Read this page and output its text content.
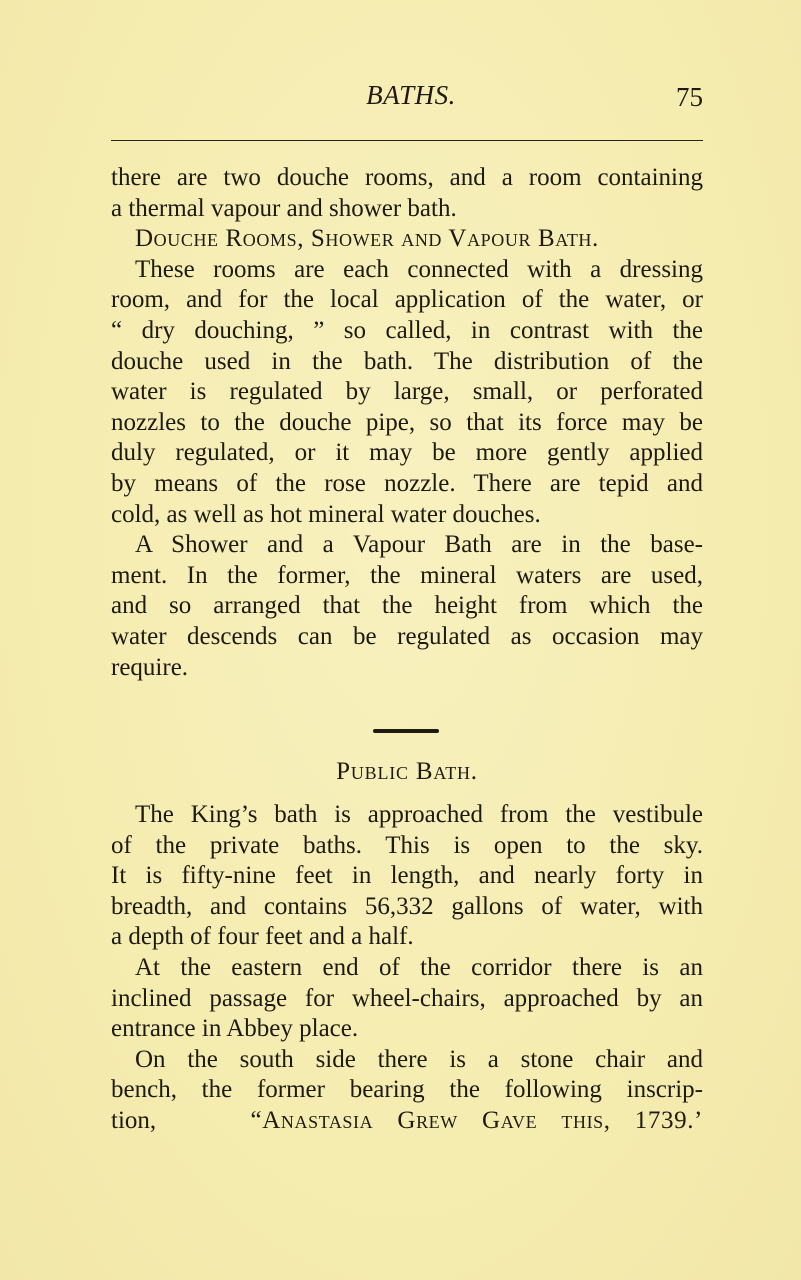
BATHS.	75
there are two douche rooms, and a room containing
a thermal vapour and shower bath.
Douche Rooms, Shower and Vapour Bath.
These rooms are each connected with a dressing
room, and for the local application of the water, or
“ dry douching, ” so called, in contrast with the
douche used in the bath. The distribution of the
water is regulated by large, small, or perforated
nozzles to the douche pipe, so that its force may be
duly regulated, or it may be more gently applied
by means of the rose nozzle. There are tepid and
cold, as well as hot mineral water douches.
A Shower and a Vapour Bath are in the base-
ment. In the former, the mineral waters are used,
and so arranged that the height from which the
water descends can be regulated as occasion may
require.
Public Bath.
The King’s bath is approached from the vestibule
of the private baths. This is open to the sky.
It is fifty-nine feet in length, and nearly forty in
breadth, and contains 56,332 gallons of water, with
a depth of four feet and a half.
At the eastern end of the corridor there is an
inclined passage for wheel-chairs, approached by an
entrance in Abbey place.
On the south side there is a stone chair and
bench, the former bearing the following inscrip-
tion,	“Anastasia Grew Gave this, 1739.’
